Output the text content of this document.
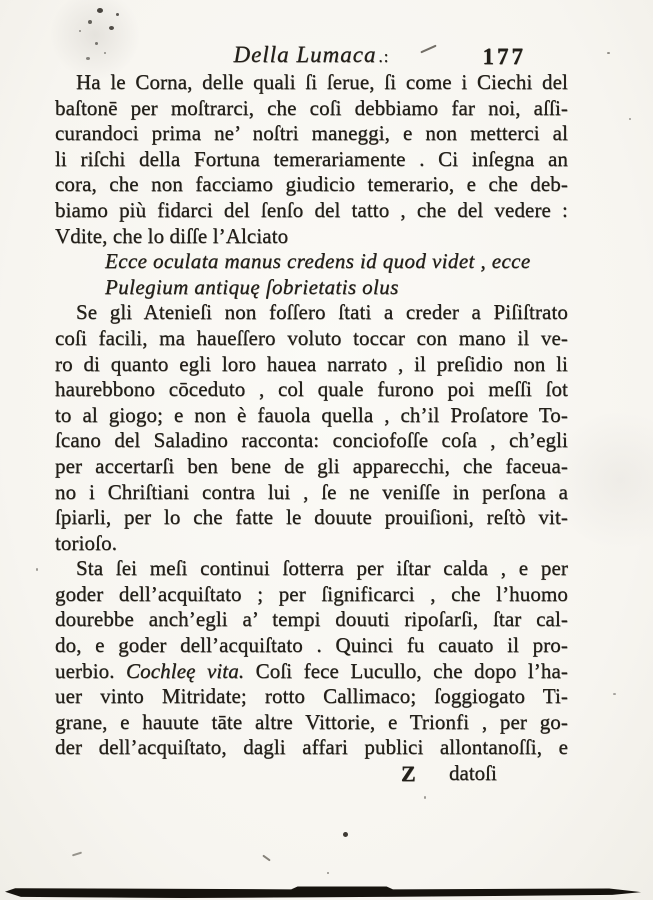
Della Lumaca .:	177
Ha le Corna, delle quali ſi ſerue, ſi come i Ciechi del
baſtonē per moſtrarci, che coſi debbiamo far noi, aſſi-
curandoci prima ne’ noſtri maneggi, e non metterci al
li riſchi della Fortuna temerariamente . Ci inſegna an
cora, che non facciamo giudicio temerario, e che deb-
biamo più fidarci del ſenſo del tatto , che del vedere :
Vdite, che lo diſſe l’Alciato
Ecce oculata manus credens id quod videt , ecce
Pulegium antiquę ſobrietatis olus
Se gli Atenieſi non foſſero ſtati a creder a Piſiſtrato
coſi facili, ma haueſſero voluto toccar con mano il ve-
ro di quanto egli loro hauea narrato , il preſidio non li
haurebbono cōceduto , col quale furono poi meſſi ſot
to al giogo; e non è fauola quella , ch’il Proſatore To-
ſcano del Saladino racconta: conciofoſſe coſa , ch’egli
per accertarſi ben bene de gli apparecchi, che faceua-
no i Chriſtiani contra lui , ſe ne veniſſe in perſona a
ſpiarli, per lo che fatte le douute prouiſioni, reſtò vit-
torioſo.
Sta ſei meſi continui ſotterra per iſtar calda , e per
goder dell’acquiſtato ; per ſignificarci , che l’huomo
dourebbe anch’egli a’ tempi douuti ripoſarſi, ſtar cal-
do, e goder dell’acquiſtato . Quinci fu cauato il pro-
uerbio. Cochleę vita. Coſi fece Lucullo, che dopo l’ha-
uer vinto Mitridate; rotto Callimaco; ſoggiogato Ti-
grane, e hauute tāte altre Vittorie, e Trionfi , per go-
der dell’acquiſtato, dagli affari publici allontanoſſi, e
Z datoſi
